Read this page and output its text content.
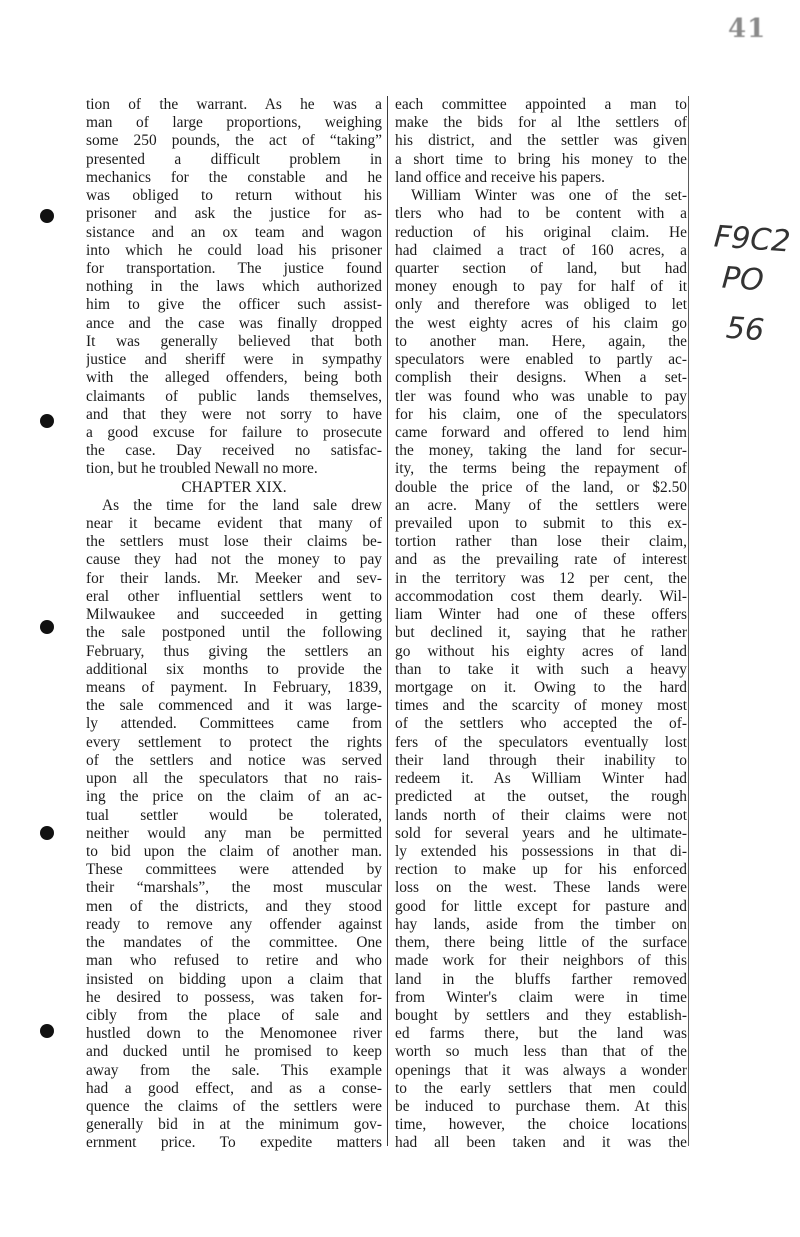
41
F9C2
PO
56
tion of the warrant. As he was a
man of large proportions, weighing
some 250 pounds, the act of “taking”
presented a difficult problem in
mechanics for the constable and he
was obliged to return without his
prisoner and ask the justice for as-
sistance and an ox team and wagon
into which he could load his prisoner
for transportation. The justice found
nothing in the laws which authorized
him to give the officer such assist-
ance and the case was finally dropped
It was generally believed that both
justice and sheriff were in sympathy
with the alleged offenders, being both
claimants of public lands themselves,
and that they were not sorry to have
a good excuse for failure to prosecute
the case. Day received no satisfac-
tion, but he troubled Newall no more.
CHAPTER XIX.
As the time for the land sale drew
near it became evident that many of
the settlers must lose their claims be-
cause they had not the money to pay
for their lands. Mr. Meeker and sev-
eral other influential settlers went to
Milwaukee and succeeded in getting
the sale postponed until the following
February, thus giving the settlers an
additional six months to provide the
means of payment. In February, 1839,
the sale commenced and it was large-
ly attended. Committees came from
every settlement to protect the rights
of the settlers and notice was served
upon all the speculators that no rais-
ing the price on the claim of an ac-
tual settler would be tolerated,
neither would any man be permitted
to bid upon the claim of another man.
These committees were attended by
their “marshals”, the most muscular
men of the districts, and they stood
ready to remove any offender against
the mandates of the committee. One
man who refused to retire and who
insisted on bidding upon a claim that
he desired to possess, was taken for-
cibly from the place of sale and
hustled down to the Menomonee river
and ducked until he promised to keep
away from the sale. This example
had a good effect, and as a conse-
quence the claims of the settlers were
generally bid in at the minimum gov-
ernment price. To expedite matters
each committee appointed a man to
make the bids for al lthe settlers of
his district, and the settler was given
a short time to bring his money to the
land office and receive his papers.
William Winter was one of the set-
tlers who had to be content with a
reduction of his original claim. He
had claimed a tract of 160 acres, a
quarter section of land, but had
money enough to pay for half of it
only and therefore was obliged to let
the west eighty acres of his claim go
to another man. Here, again, the
speculators were enabled to partly ac-
complish their designs. When a set-
tler was found who was unable to pay
for his claim, one of the speculators
came forward and offered to lend him
the money, taking the land for secur-
ity, the terms being the repayment of
double the price of the land, or $2.50
an acre. Many of the settlers were
prevailed upon to submit to this ex-
tortion rather than lose their claim,
and as the prevailing rate of interest
in the territory was 12 per cent, the
accommodation cost them dearly. Wil-
liam Winter had one of these offers
but declined it, saying that he rather
go without his eighty acres of land
than to take it with such a heavy
mortgage on it. Owing to the hard
times and the scarcity of money most
of the settlers who accepted the of-
fers of the speculators eventually lost
their land through their inability to
redeem it. As William Winter had
predicted at the outset, the rough
lands north of their claims were not
sold for several years and he ultimate-
ly extended his possessions in that di-
rection to make up for his enforced
loss on the west. These lands were
good for little except for pasture and
hay lands, aside from the timber on
them, there being little of the surface
made work for their neighbors of this
land in the bluffs farther removed
from Winter's claim were in time
bought by settlers and they establish-
ed farms there, but the land was
worth so much less than that of the
openings that it was always a wonder
to the early settlers that men could
be induced to purchase them. At this
time, however, the choice locations
had all been taken and it was the
